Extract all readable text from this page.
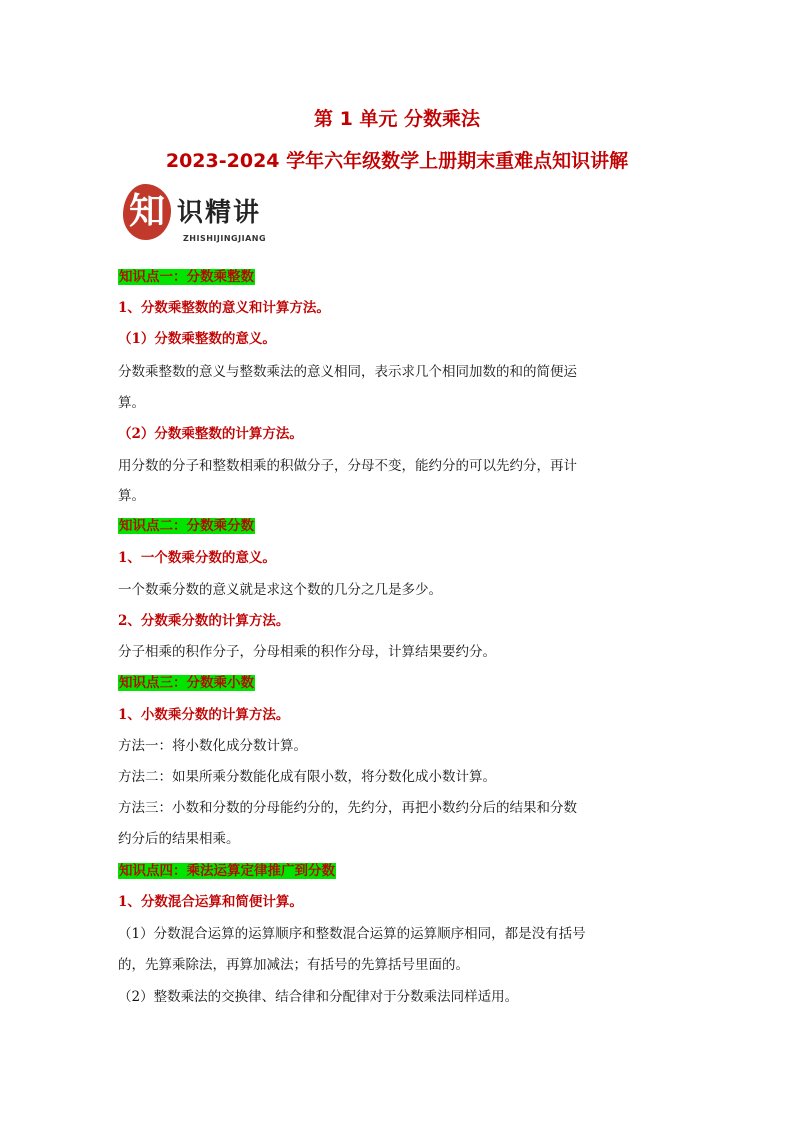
第 1 单元 分数乘法
2023-2024 学年六年级数学上册期末重难点知识讲解
知 识精讲
ZHISHIJINGJIANG
知识点一：分数乘整数
1、分数乘整数的意义和计算方法。
（1）分数乘整数的意义。
分数乘整数的意义与整数乘法的意义相同，表示求几个相同加数的和的简便运
算。
（2）分数乘整数的计算方法。
用分数的分子和整数相乘的积做分子，分母不变，能约分的可以先约分，再计
算。
知识点二：分数乘分数
1、一个数乘分数的意义。
一个数乘分数的意义就是求这个数的几分之几是多少。
2、分数乘分数的计算方法。
分子相乘的积作分子，分母相乘的积作分母，计算结果要约分。
知识点三：分数乘小数
1、小数乘分数的计算方法。
方法一：将小数化成分数计算。
方法二：如果所乘分数能化成有限小数，将分数化成小数计算。
方法三：小数和分数的分母能约分的，先约分，再把小数约分后的结果和分数
约分后的结果相乘。
知识点四：乘法运算定律推广到分数
1、分数混合运算和简便计算。
（1）分数混合运算的运算顺序和整数混合运算的运算顺序相同，都是没有括号
的，先算乘除法，再算加减法；有括号的先算括号里面的。
（2）整数乘法的交换律、结合律和分配律对于分数乘法同样适用。
